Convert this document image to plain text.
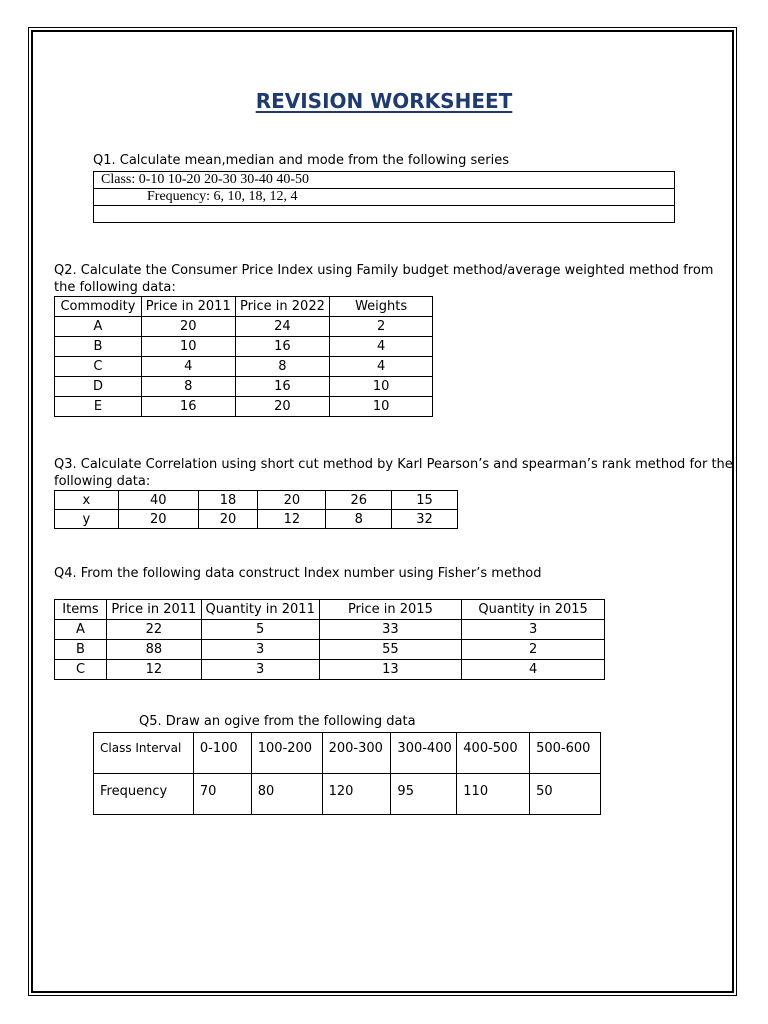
REVISION WORKSHEET
Q1. Calculate mean,median and mode from the following series
Class: 0-10 10-20 20-30 30-40 40-50
Frequency: 6, 10, 18, 12, 4

Q2. Calculate the Consumer Price Index using Family budget method/average weighted method from the following data:
Commodity	Price in 2011	Price in 2022	Weights
A	20	24	2
B	10	16	4
C	4	8	4
D	8	16	10
E	16	20	10
Q3. Calculate Correlation using short cut method by Karl Pearson’s and spearman’s rank method for the following data:
x	40	18	20	26	15
y	20	20	12	8	32
Q4. From the following data construct Index number using Fisher’s method
Items	Price in 2011	Quantity in 2011	Price in 2015	Quantity in 2015
A	22	5	33	3
B	88	3	55	2
C	12	3	13	4
Q5. Draw an ogive from the following data
Class Interval	0-100	100-200	200-300	300-400	400-500	500-600
Frequency	70	80	120	95	110	50
